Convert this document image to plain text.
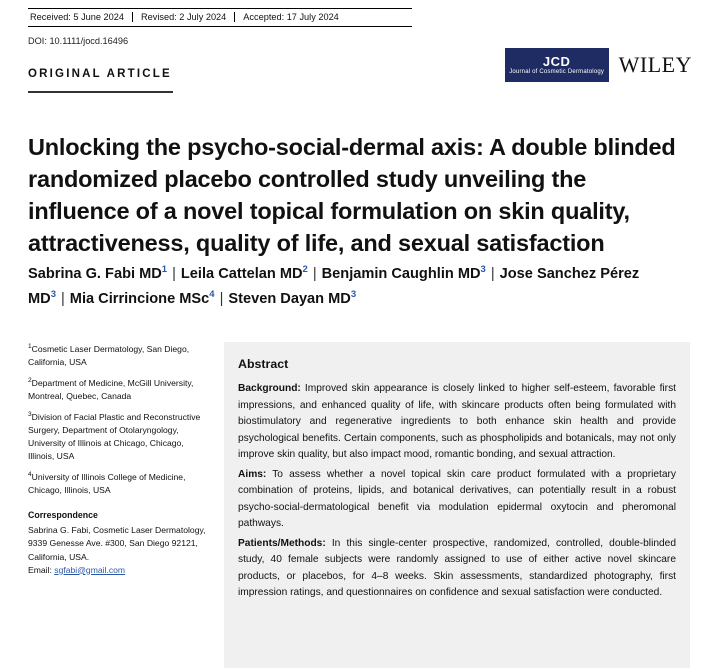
Received: 5 June 2024	Revised: 2 July 2024	Accepted: 17 July 2024
DOI: 10.1111/jocd.16496
ORIGINAL ARTICLE
JCD
Journal of Cosmetic Dermatology WILEY
Unlocking the psycho-social-dermal axis: A double blinded randomized placebo controlled study unveiling the influence of a novel topical formulation on skin quality, attractiveness, quality of life, and sexual satisfaction
Sabrina G. Fabi $MD^1$ | Leila Cattelan $MD^2$ | Benjamin Caughlin $MD^3$ | Jose Sanchez Pérez $MD^3$ | Mia Cirrincione MSc$^4$ | Steven Dayan $MD^3$
$^1$Cosmetic Laser Dermatology, San Diego, California, USA
$^2$Department of Medicine, McGill University, Montreal, Quebec, Canada
$^3$Division of Facial Plastic and Reconstructive Surgery, Department of Otolaryngology, University of Illinois at Chicago, Chicago, Illinois, USA
$^4$University of Illinois College of Medicine, Chicago, Illinois, USA
Correspondence
Sabrina G. Fabi, Cosmetic Laser Dermatology, 9339 Genesse Ave. #300, San Diego 92121, California, USA.
Email: sgfabi@gmail.com
Abstract

Background: Improved skin appearance is closely linked to higher self-esteem, favorable first impressions, and enhanced quality of life, with skincare products often being formulated with biostimulatory and regenerative ingredients to both enhance skin health and provide psychological benefits. Certain components, such as phospholipids and botanicals, may not only improve skin quality, but also impact mood, romantic bonding, and sexual attraction.

Aims: To assess whether a novel topical skin care product formulated with a proprietary combination of proteins, lipids, and botanical derivatives, can potentially result in a robust psycho-social-dermatological benefit via modulation epidermal oxytocin and pheromonal pathways.

Patients/Methods: In this single-center prospective, randomized, controlled, double-blinded study, 40 female subjects were randomly assigned to use of either active novel skincare products, or placebos, for 4–8 weeks. Skin assessments, standardized photography, first impression ratings, and questionnaires on confidence and sexual satisfaction were conducted.
